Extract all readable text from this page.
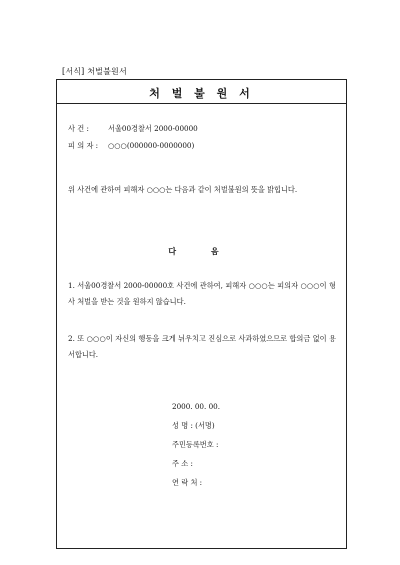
[서식] 처벌불원서
처 벌 불 원 서
사 건 :	서울00경찰서 2000-00000
피 의 자 : ○○○(000000-0000000)
위 사건에 관하여 피해자 ○○○는 다음과 같이 처벌불원의 뜻을 밝힙니다.
다 음
1. 서울00경찰서 2000-00000호 사건에 관하여, 피해자 ○○○는 피의자 ○○○이 형사 처벌을 받는 것을 원하지 않습니다.
2. 또 ○○○이 자신의 행동을 크게 뉘우치고 진심으로 사과하였으므로 합의금 없이 용서합니다.
2000. 00. 00.
성 명 : (서명)
주민등록번호 :
주 소 :
연 락 처 :
